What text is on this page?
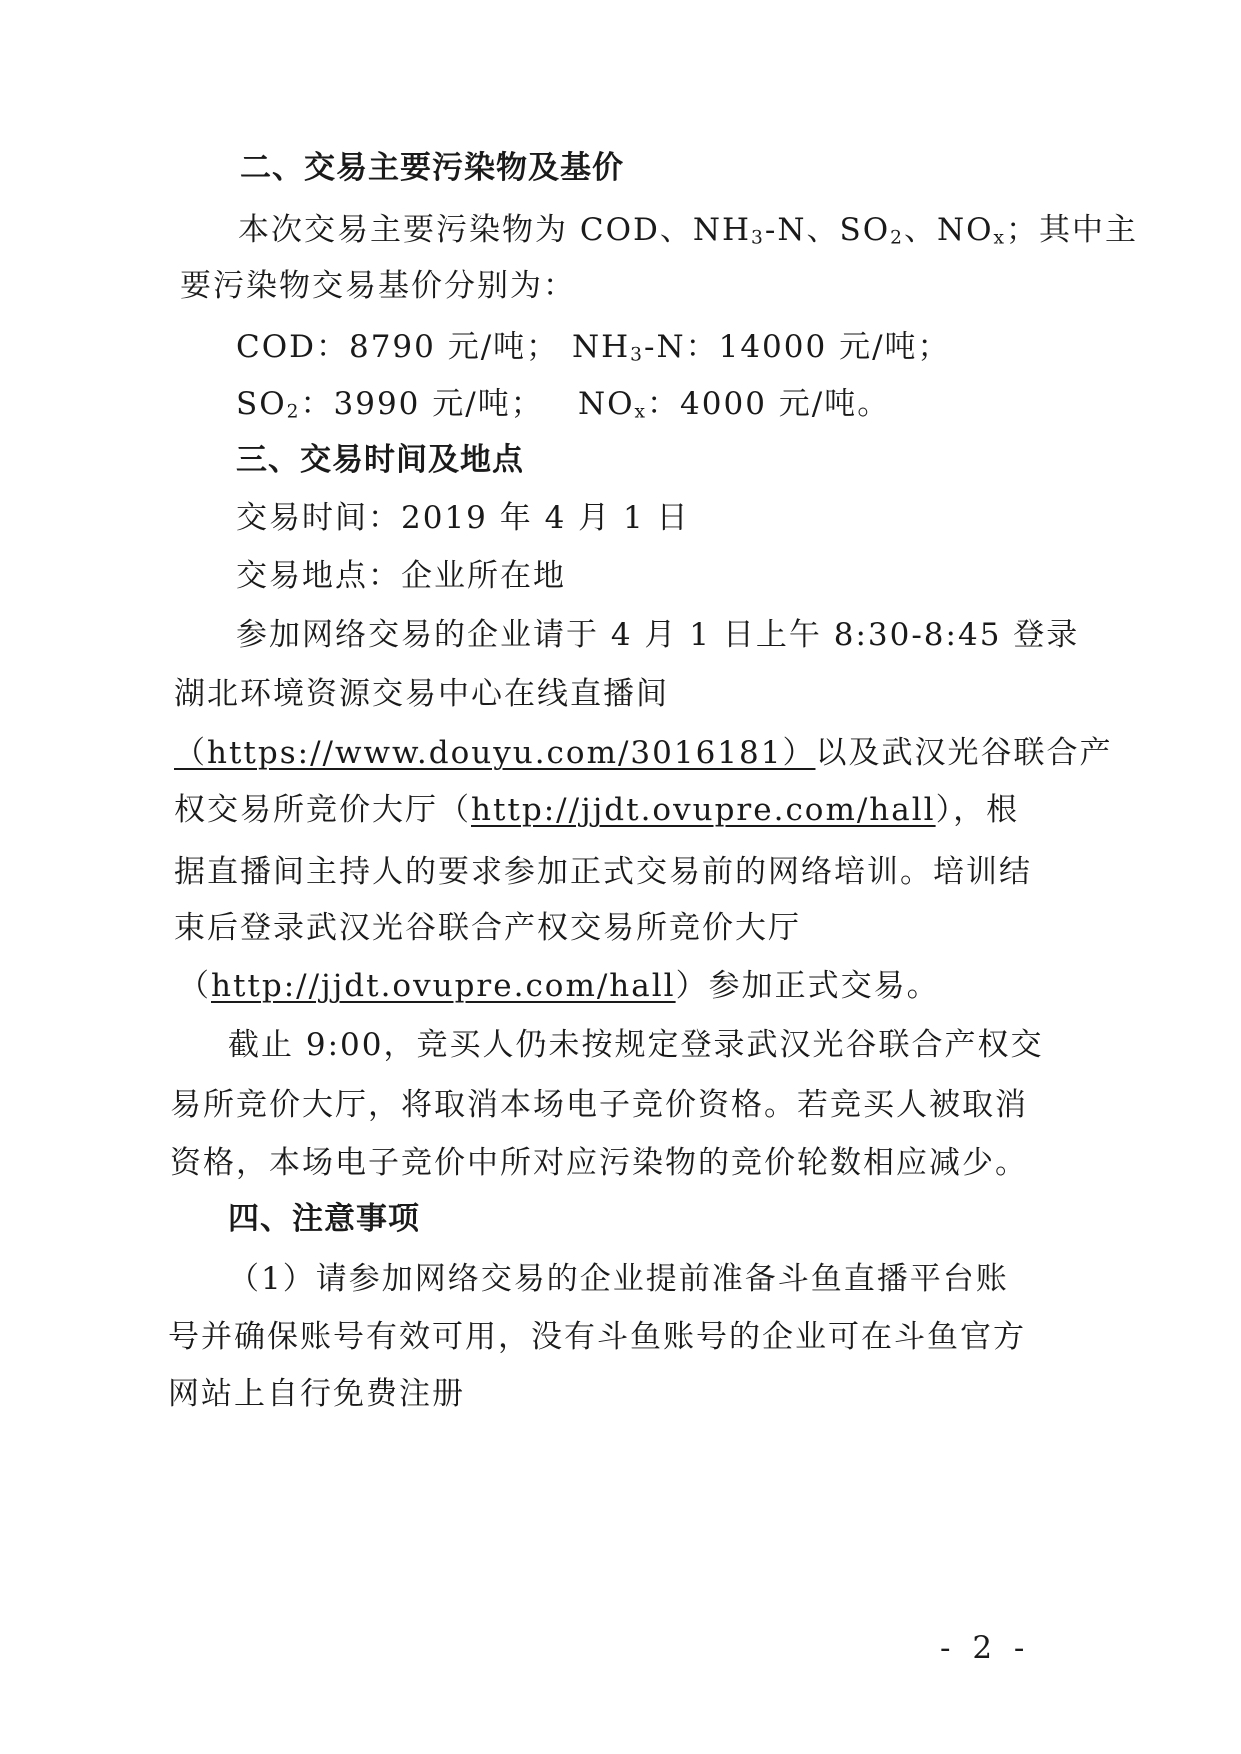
二、交易主要污染物及基价
本次交易主要污染物为 COD、$NH_3-N$、$SO_2$、$NO_x$；其中主
要污染物交易基价分别为：
COD：8790 元/吨； $NH_3-N$：14000 元/吨；
$SO_2$：3990 元/吨； $NO_x$：4000 元/吨。
三、交易时间及地点
交易时间：2019 年 4 月 1 日
交易地点：企业所在地
参加网络交易的企业请于 4 月 1 日上午 8:30-8:45 登录
湖北环境资源交易中心在线直播间
（https://www.douyu.com/3016181）以及武汉光谷联合产
权交易所竞价大厅（http://jjdt.ovupre.com/hall），根
据直播间主持人的要求参加正式交易前的网络培训。培训结
束后登录武汉光谷联合产权交易所竞价大厅
（http://jjdt.ovupre.com/hall）参加正式交易。
截止 9:00，竞买人仍未按规定登录武汉光谷联合产权交
易所竞价大厅，将取消本场电子竞价资格。若竞买人被取消
资格，本场电子竞价中所对应污染物的竞价轮数相应减少。
四、注意事项
（1）请参加网络交易的企业提前准备斗鱼直播平台账
号并确保账号有效可用，没有斗鱼账号的企业可在斗鱼官方
网站上自行免费注册
- 2 -
